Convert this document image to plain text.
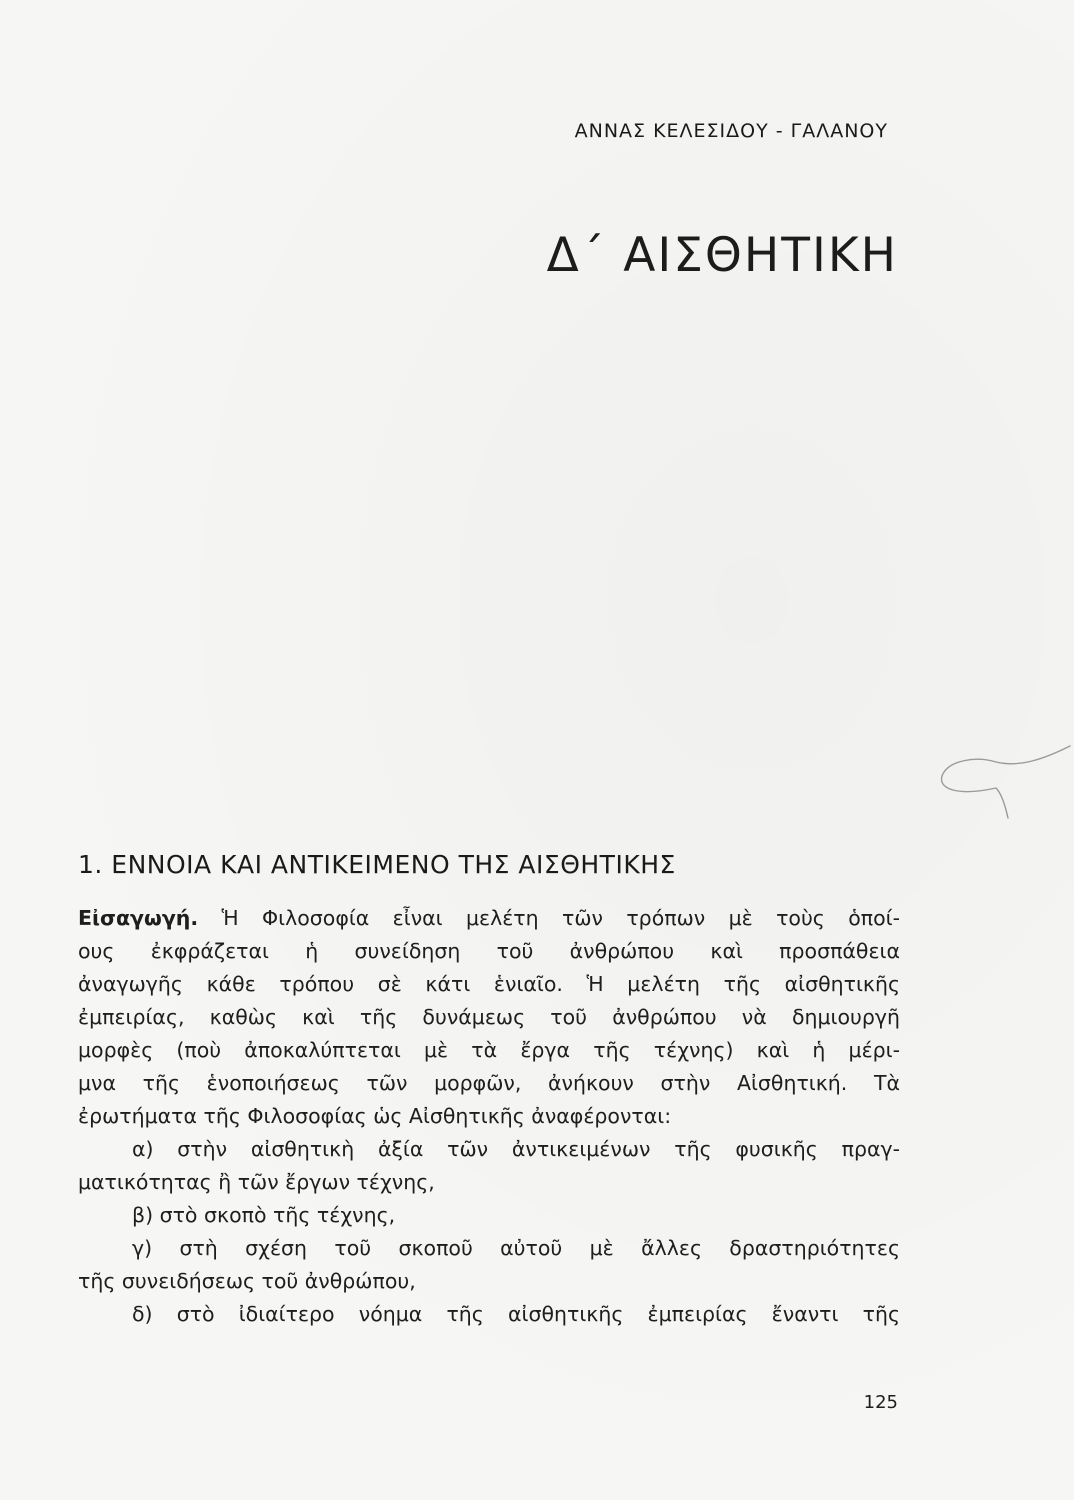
ΑΝΝΑΣ ΚΕΛΕΣΙΔΟΥ - ΓΑΛΑΝΟΥ
Δ΄ ΑΙΣΘΗΤΙΚΗ
1. ΕΝΝΟΙΑ ΚΑΙ ΑΝΤΙΚΕΙΜΕΝΟ ΤΗΣ ΑΙΣΘΗΤΙΚΗΣ
Εἰσαγωγή. Ἡ Φιλοσοφία εἶναι μελέτη τῶν τρόπων μὲ τοὺς ὁποί-
ους ἐκφράζεται ἡ συνείδηση τοῦ ἀνθρώπου καὶ προσπάθεια
ἀναγωγῆς κάθε τρόπου σὲ κάτι ἑνιαῖο. Ἡ μελέτη τῆς αἰσθητικῆς
ἐμπειρίας, καθὼς καὶ τῆς δυνάμεως τοῦ ἀνθρώπου νὰ δημιουργῆ
μορφὲς (ποὺ ἀποκαλύπτεται μὲ τὰ ἔργα τῆς τέχνης) καὶ ἡ μέρι-
μνα τῆς ἑνοποιήσεως τῶν μορφῶν, ἀνήκουν στὴν Αἰσθητική. Τὰ
ἐρωτήματα τῆς Φιλοσοφίας ὡς Αἰσθητικῆς ἀναφέρονται:
α) στὴν αἰσθητικὴ ἀξία τῶν ἀντικειμένων τῆς φυσικῆς πραγ-
ματικότητας ἢ τῶν ἔργων τέχνης,
β) στὸ σκοπὸ τῆς τέχνης,
γ) στὴ σχέση τοῦ σκοποῦ αὐτοῦ μὲ ἄλλες δραστηριότητες
τῆς συνειδήσεως τοῦ ἀνθρώπου,
δ) στὸ ἰδιαίτερο νόημα τῆς αἰσθητικῆς ἐμπειρίας ἔναντι τῆς
125
